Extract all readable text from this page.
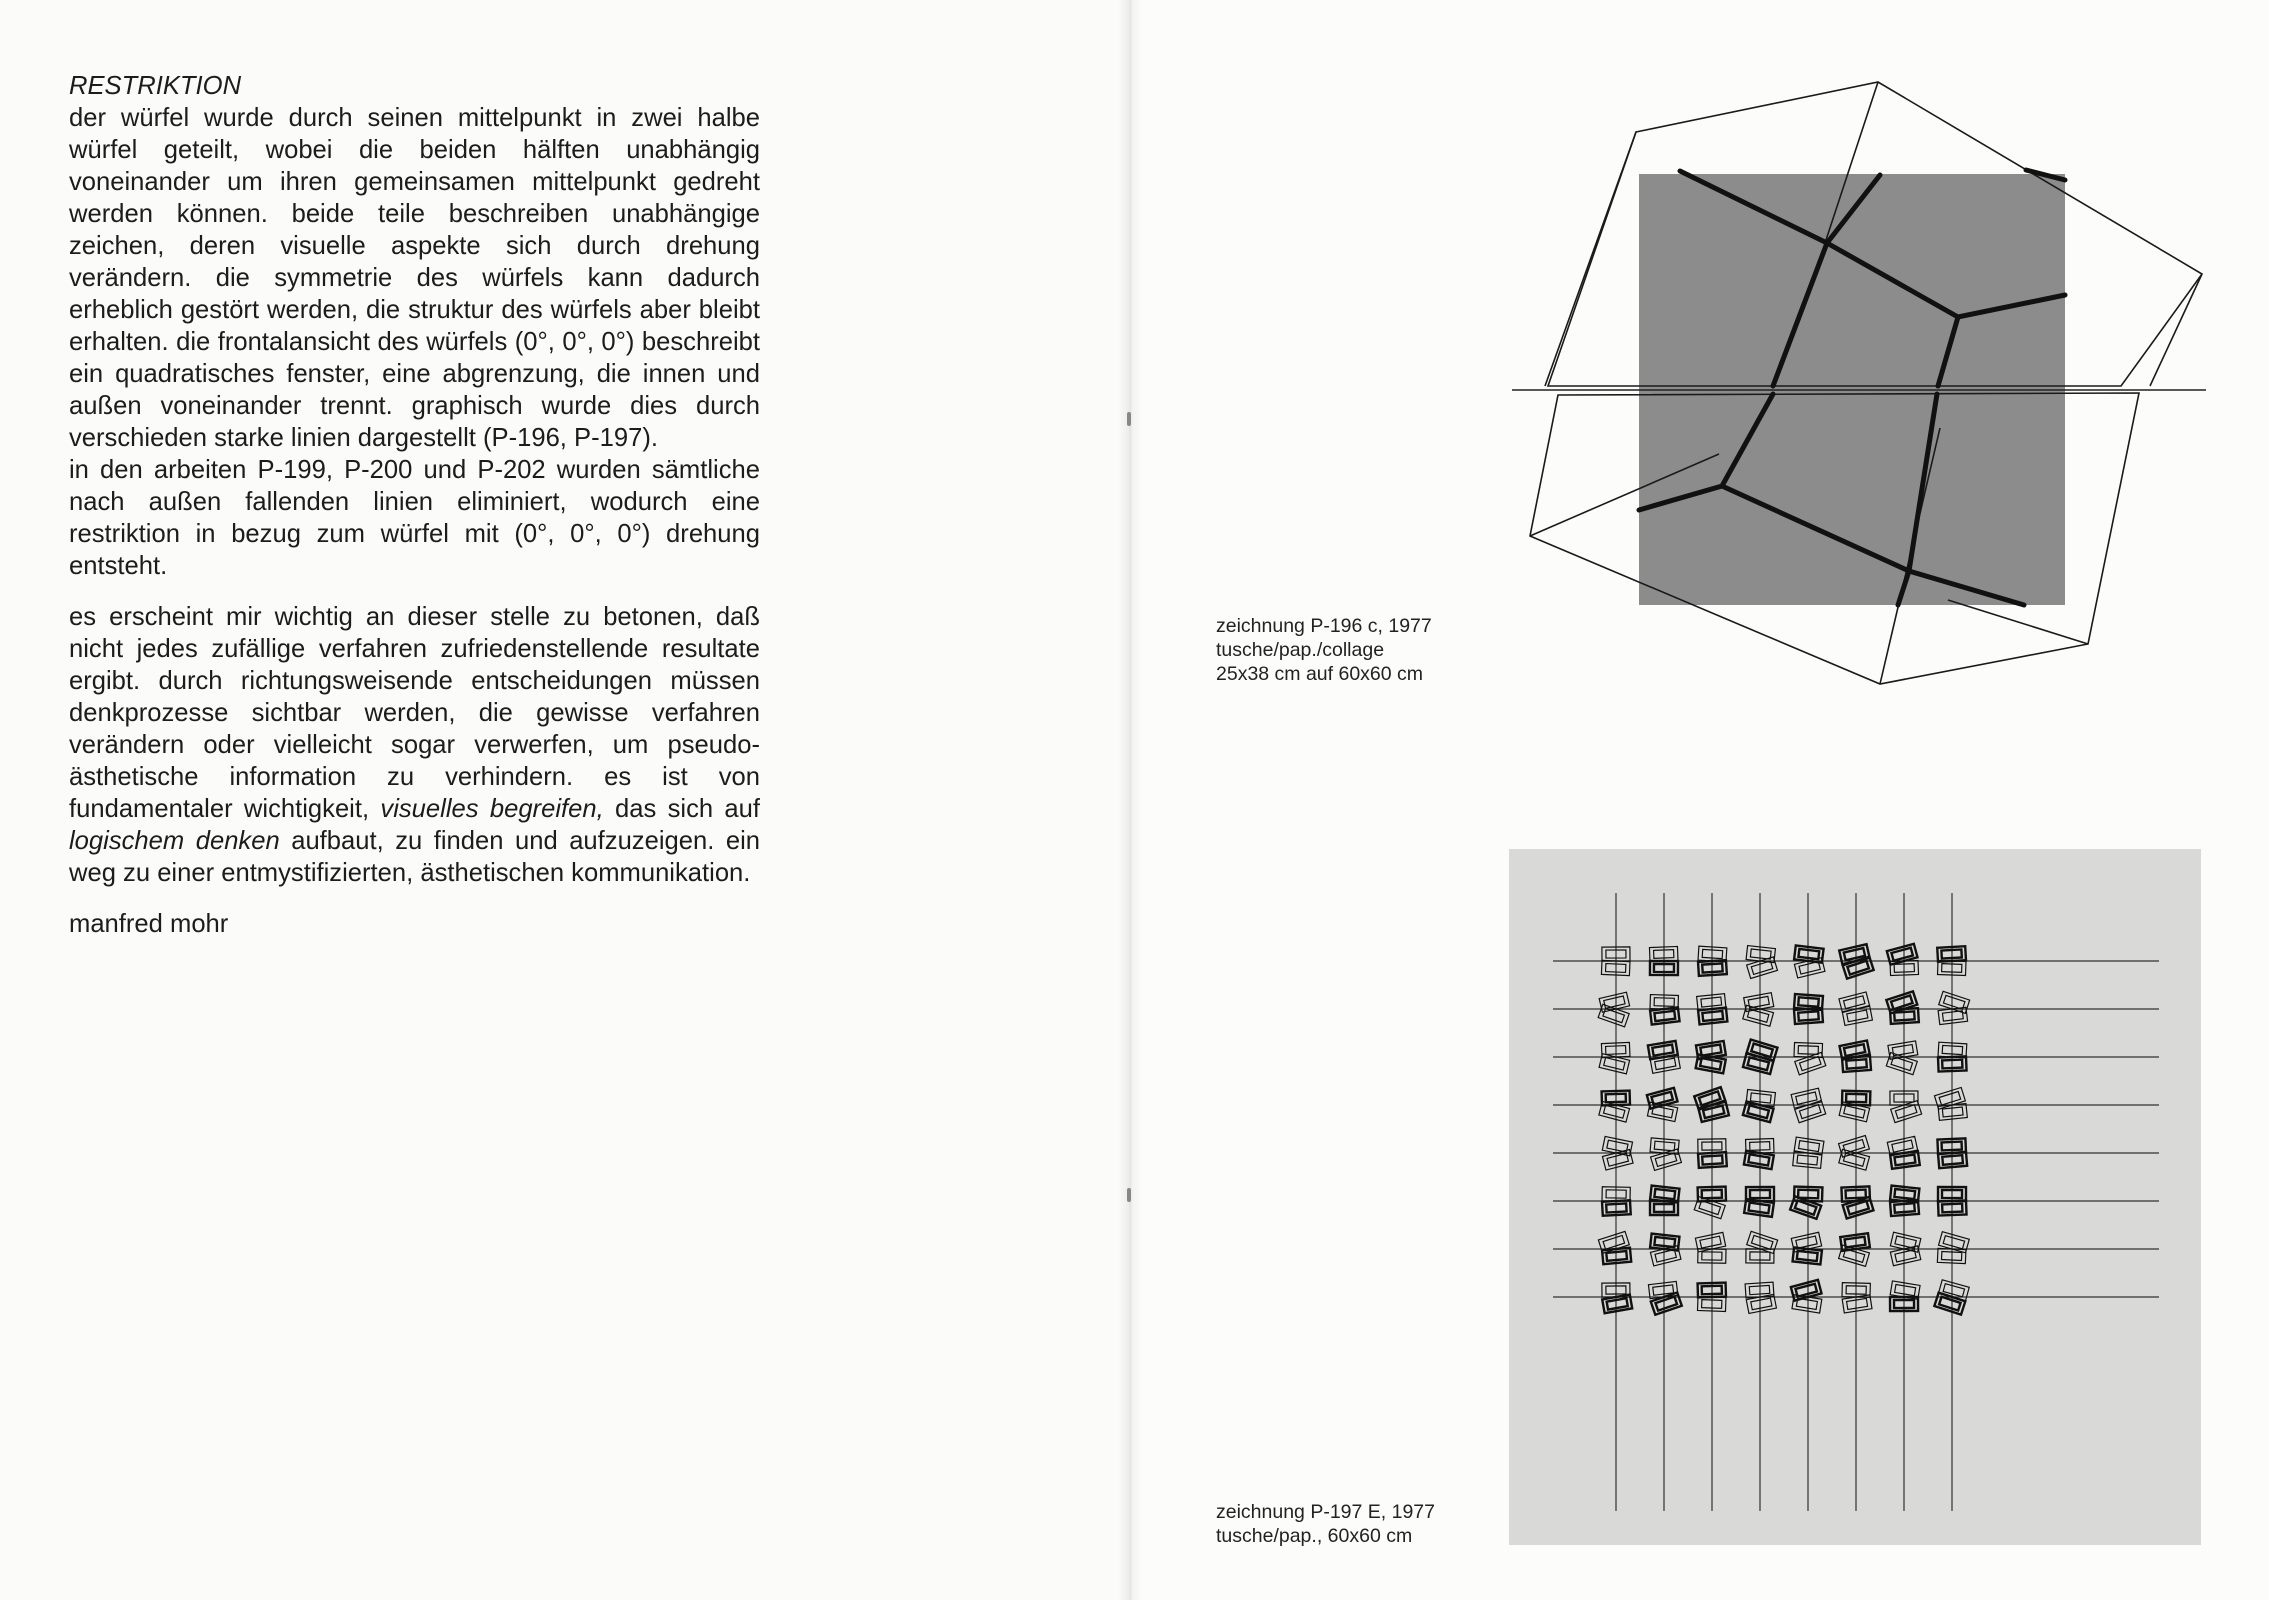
RESTRIKTION

der würfel wurde durch seinen mittelpunkt in zwei halbe würfel geteilt, wobei die beiden hälften unabhängig voneinander um ihren gemeinsamen mittelpunkt gedreht werden können. beide teile beschreiben unabhängige zeichen, deren visuelle aspekte sich durch drehung verändern. die symmetrie des würfels kann dadurch erheblich gestört werden, die struktur des würfels aber bleibt erhalten. die frontalansicht des würfels (0°, 0°, 0°) beschreibt ein quadratisches fenster, eine abgrenzung, die innen und außen voneinander trennt. graphisch wurde dies durch verschieden starke linien dargestellt (P-196, P-197).

in den arbeiten P-199, P-200 und P-202 wurden sämtliche nach außen fallenden linien eliminiert, wodurch eine restriktion in bezug zum würfel mit (0°, 0°, 0°) drehung entsteht.

es erscheint mir wichtig an dieser stelle zu betonen, daß nicht jedes zufällige verfahren zufriedenstellende resultate ergibt. durch richtungsweisende entscheidungen müssen denkprozesse sichtbar werden, die gewisse verfahren verändern oder vielleicht sogar verwerfen, um pseudo-ästhetische information zu verhindern. es ist von fundamentaler wichtigkeit, visuelles begreifen, das sich auf logischem denken aufbaut, zu finden und aufzuzeigen. ein weg zu einer entmystifizierten, ästhetischen kommunikation.

manfred mohr

zeichnung P-196 c, 1977

tusche/pap./collage

25x38 cm auf 60x60 cm

zeichnung P-197 E, 1977

tusche/pap., 60x60 cm
